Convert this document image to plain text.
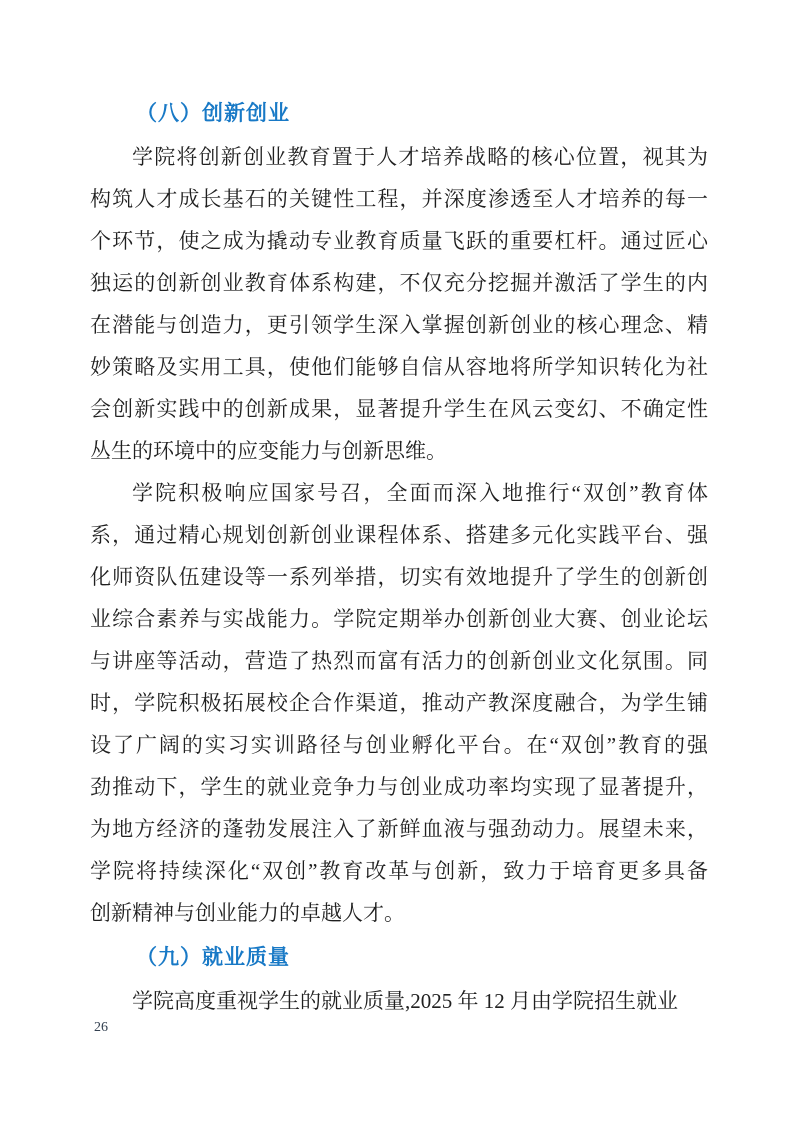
（八）创新创业
学院将创新创业教育置于人才培养战略的核心位置，视其为
构筑人才成长基石的关键性工程，并深度渗透至人才培养的每一
个环节，使之成为撬动专业教育质量飞跃的重要杠杆。通过匠心
独运的创新创业教育体系构建，不仅充分挖掘并激活了学生的内
在潜能与创造力，更引领学生深入掌握创新创业的核心理念、精
妙策略及实用工具，使他们能够自信从容地将所学知识转化为社
会创新实践中的创新成果，显著提升学生在风云变幻、不确定性
丛生的环境中的应变能力与创新思维。
学院积极响应国家号召，全面而深入地推行“双创”教育体
系，通过精心规划创新创业课程体系、搭建多元化实践平台、强
化师资队伍建设等一系列举措，切实有效地提升了学生的创新创
业综合素养与实战能力。学院定期举办创新创业大赛、创业论坛
与讲座等活动，营造了热烈而富有活力的创新创业文化氛围。同
时，学院积极拓展校企合作渠道，推动产教深度融合，为学生铺
设了广阔的实习实训路径与创业孵化平台。在“双创”教育的强
劲推动下，学生的就业竞争力与创业成功率均实现了显著提升，
为地方经济的蓬勃发展注入了新鲜血液与强劲动力。展望未来，
学院将持续深化“双创”教育改革与创新，致力于培育更多具备
创新精神与创业能力的卓越人才。
（九）就业质量
学院高度重视学生的就业质量,2025 年 12 月由学院招生就业
26
